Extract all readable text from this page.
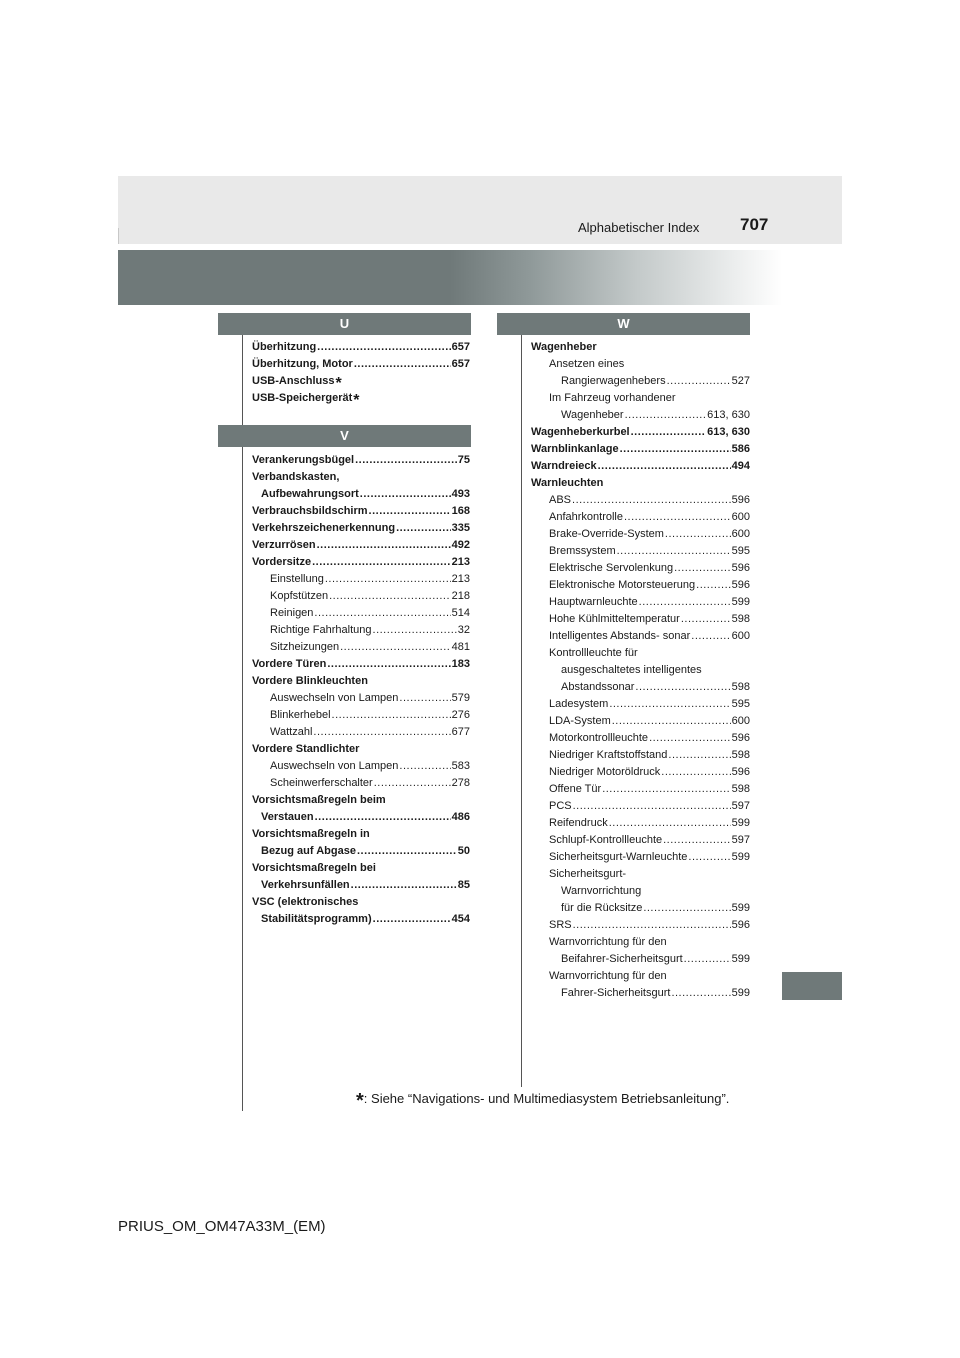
Alphabetischer Index 707
U
Überhitzung .....	657
Überhitzung, Motor .....	657
USB-Anschluss*
USB-Speichergerät*
V
Verankerungsbügel .....	75
Verbandskasten,
Aufbewahrungsort .....	493
Verbrauchsbildschirm .....	168
Verkehrszeichenerkennung .....	335
Verzurrösen .....	492
Vordersitze .....	213
Einstellung .....	213
Kopfstützen .....	218
Reinigen .....	514
Richtige Fahrhaltung .....	32
Sitzheizungen .....	481
Vordere Türen .....	183
Vordere Blinkleuchten
Auswechseln von Lampen .....	579
Blinkerhebel .....	276
Wattzahl .....	677
Vordere Standlichter
Auswechseln von Lampen .....	583
Scheinwerferschalter .....	278
Vorsichtsmaßregeln beim
Verstauen .....	486
Vorsichtsmaßregeln in
Bezug auf Abgase .....	50
Vorsichtsmaßregeln bei
Verkehrsunfällen .....	85
VSC (elektronisches
Stabilitätsprogramm) .....	454
W
Wagenheber
Ansetzen eines
Rangierwagenhebers .....	527
Im Fahrzeug vorhandener
Wagenheber .....	613, 630
Wagenheberkurbel .....	613, 630
Warnblinkanlage .....	586
Warndreieck .....	494
Warnleuchten
ABS .....	596
Anfahrkontrolle .....	600
Brake-Override-System .....	600
Bremssystem .....	595
Elektrische Servolenkung .....	596
Elektronische Motorsteuerung .....	596
Hauptwarnleuchte .....	599
Hohe Kühlmitteltemperatur .....	598
Intelligentes Abstands- sonar .....	600
Kontrollleuchte für
ausgeschaltetes intelligentes
Abstandssonar .....	598
Ladesystem .....	595
LDA-System .....	600
Motorkontrollleuchte .....	596
Niedriger Kraftstoffstand .....	598
Niedriger Motoröldruck .....	596
Offene Tür .....	598
PCS .....	597
Reifendruck .....	599
Schlupf-Kontrollleuchte .....	597
Sicherheitsgurt-Warnleuchte .....	599
Sicherheitsgurt-
Warnvorrichtung
für die Rücksitze .....	599
SRS .....	596
Warnvorrichtung für den
Beifahrer-Sicherheitsgurt .....	599
Warnvorrichtung für den
Fahrer-Sicherheitsgurt .....	599
*: Siehe “Navigations- und Multimediasystem Betriebsanleitung”.
PRIUS_OM_OM47A33M_(EM)
